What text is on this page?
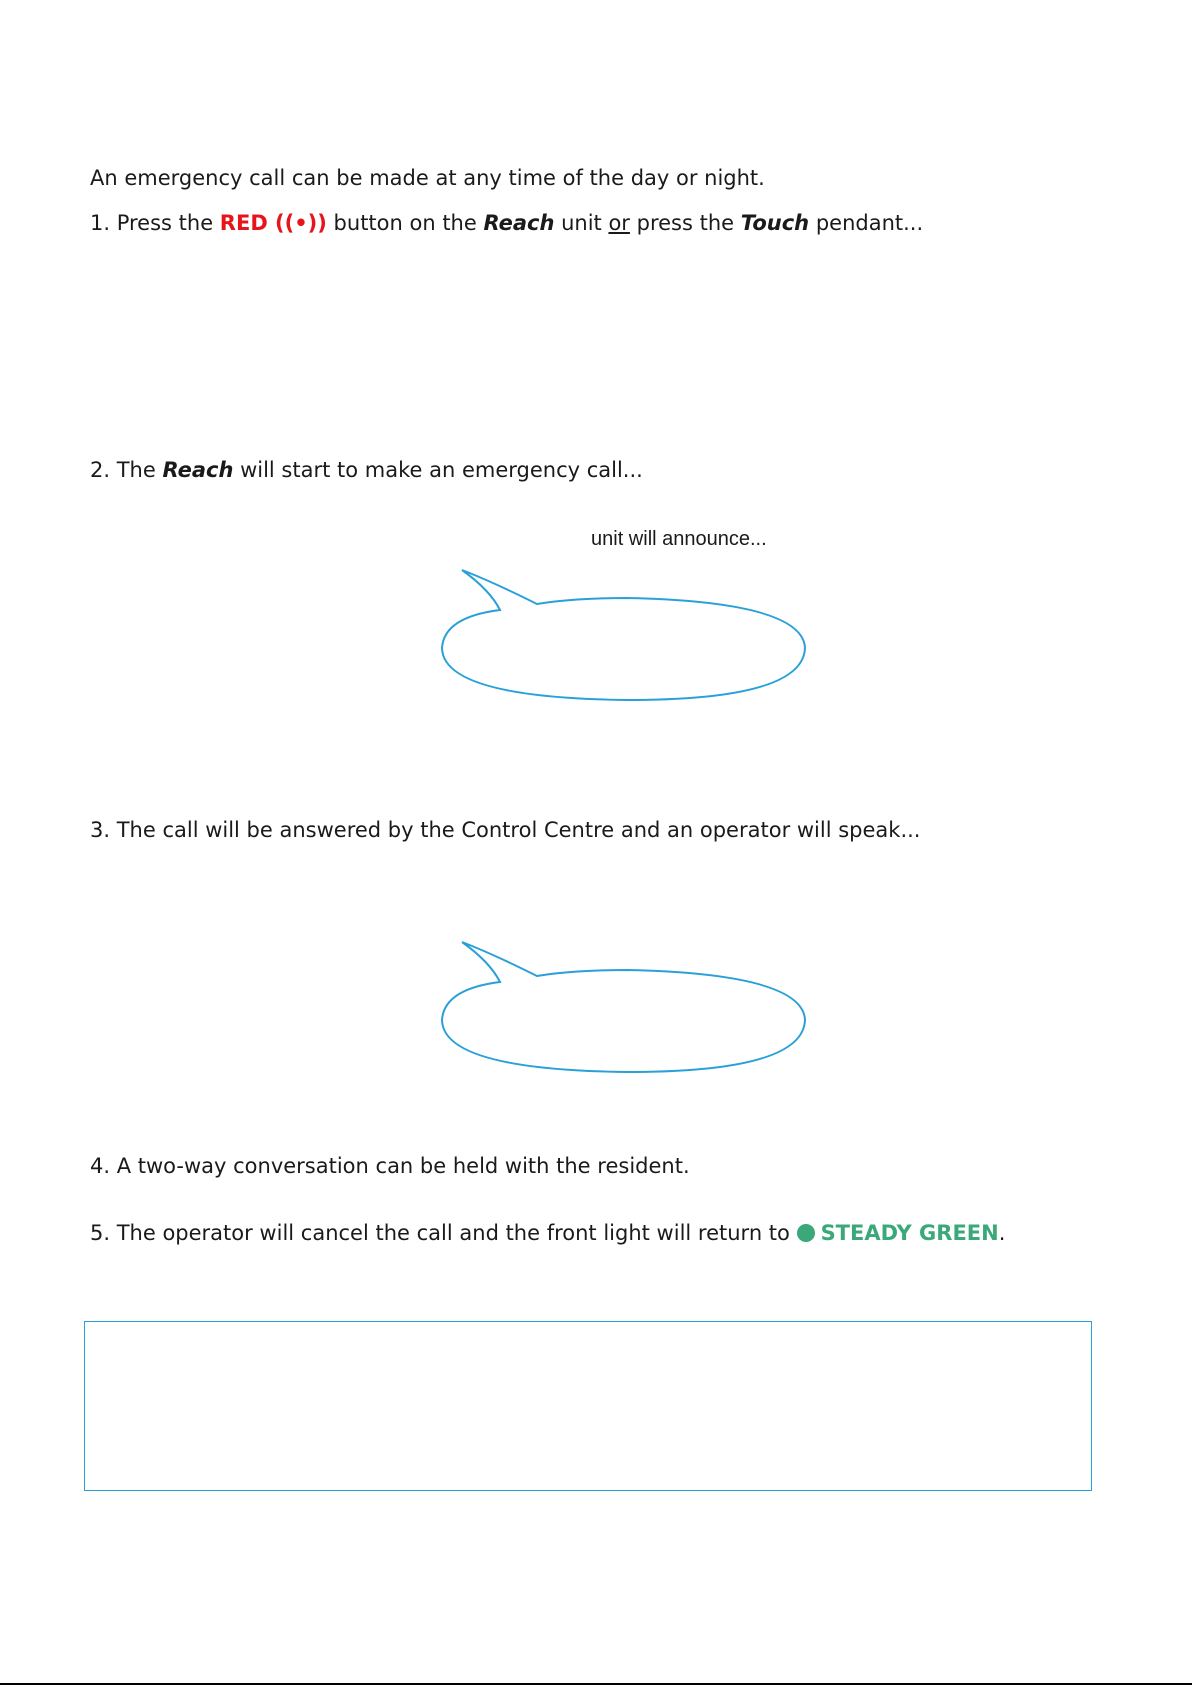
An emergency call can be made at any time of the day or night.
1. Press the RED ((•)) button on the Reach unit or press the Touch pendant...
2. The Reach will start to make an emergency call...
unit will announce...
3. The call will be answered by the Control Centre and an operator will speak...
4. A two-way conversation can be held with the resident.
5. The operator will cancel the call and the front light will return to STEADY GREEN.
